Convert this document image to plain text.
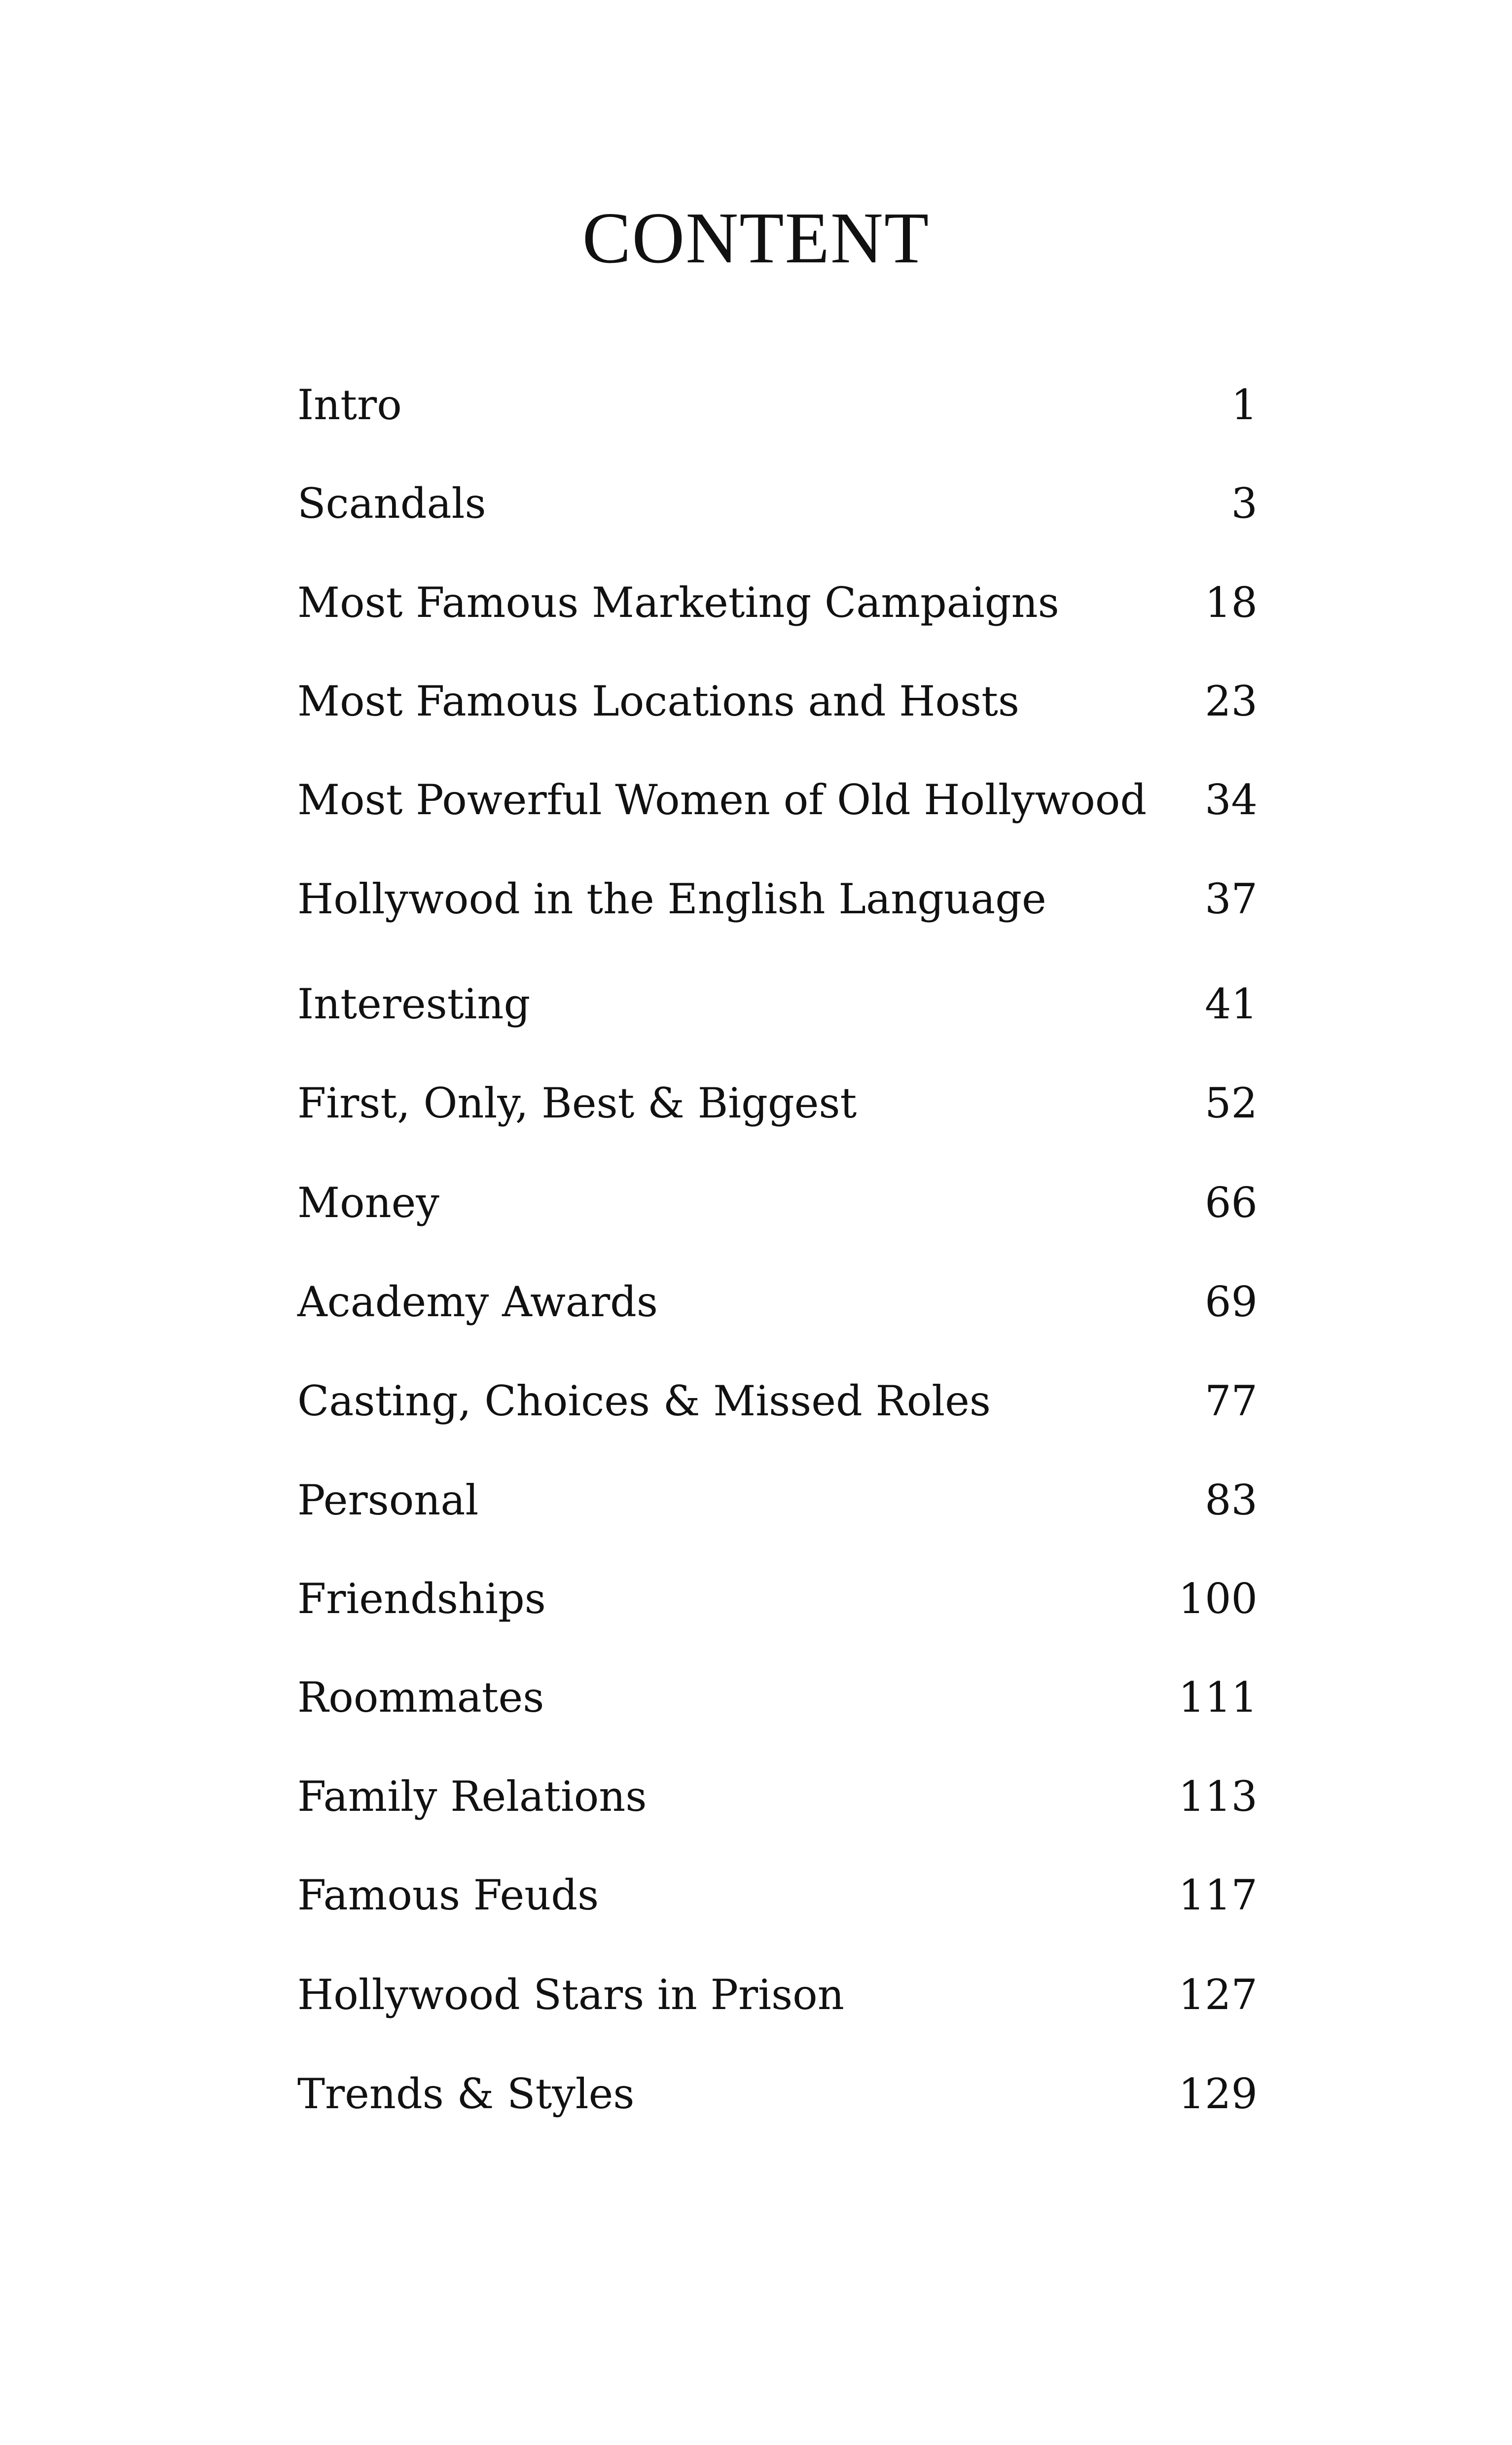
CONTENT
Intro	1
Scandals	3
Most Famous Marketing Campaigns	18
Most Famous Locations and Hosts	23
Most Powerful Women of Old Hollywood 34
Hollywood in the English Language	37
Interesting	41
First, Only, Best & Biggest	52
Money	66
Academy Awards	69
Casting, Choices & Missed Roles	77
Personal	83
Friendships	100
Roommates	111
Family Relations	113
Famous Feuds	117
Hollywood Stars in Prison	127
Trends & Styles	129
